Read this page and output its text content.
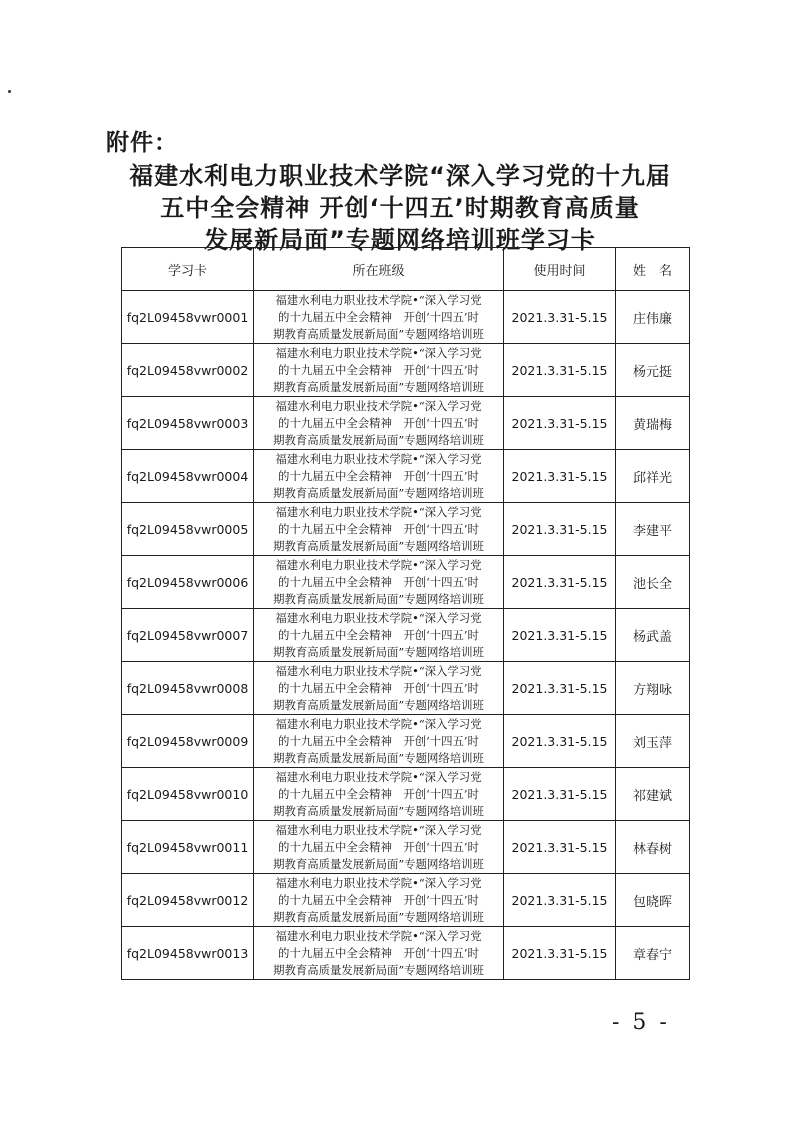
附件：
福建水利电力职业技术学院“深入学习党的十九届
五中全会精神 开创‘十四五’时期教育高质量
发展新局面”专题网络培训班学习卡
学习卡	所在班级	使用时间	姓　名
fq2L09458vwr0001	福建水利电力职业技术学院•“深入学习党
的十九届五中全会精神　开创‘十四五’时
期教育高质量发展新局面”专题网络培训班	2021.3.31-5.15	庄伟廉
fq2L09458vwr0002	福建水利电力职业技术学院•“深入学习党
的十九届五中全会精神　开创‘十四五’时
期教育高质量发展新局面”专题网络培训班	2021.3.31-5.15	杨元挺
fq2L09458vwr0003	福建水利电力职业技术学院•“深入学习党
的十九届五中全会精神　开创‘十四五’时
期教育高质量发展新局面”专题网络培训班	2021.3.31-5.15	黄瑞梅
fq2L09458vwr0004	福建水利电力职业技术学院•“深入学习党
的十九届五中全会精神　开创‘十四五’时
期教育高质量发展新局面”专题网络培训班	2021.3.31-5.15	邱祥光
fq2L09458vwr0005	福建水利电力职业技术学院•“深入学习党
的十九届五中全会精神　开创‘十四五’时
期教育高质量发展新局面”专题网络培训班	2021.3.31-5.15	李建平
fq2L09458vwr0006	福建水利电力职业技术学院•“深入学习党
的十九届五中全会精神　开创‘十四五’时
期教育高质量发展新局面”专题网络培训班	2021.3.31-5.15	池长全
fq2L09458vwr0007	福建水利电力职业技术学院•“深入学习党
的十九届五中全会精神　开创‘十四五’时
期教育高质量发展新局面”专题网络培训班	2021.3.31-5.15	杨武盖
fq2L09458vwr0008	福建水利电力职业技术学院•“深入学习党
的十九届五中全会精神　开创‘十四五’时
期教育高质量发展新局面”专题网络培训班	2021.3.31-5.15	方翔咏
fq2L09458vwr0009	福建水利电力职业技术学院•“深入学习党
的十九届五中全会精神　开创‘十四五’时
期教育高质量发展新局面”专题网络培训班	2021.3.31-5.15	刘玉萍
fq2L09458vwr0010	福建水利电力职业技术学院•“深入学习党
的十九届五中全会精神　开创‘十四五’时
期教育高质量发展新局面”专题网络培训班	2021.3.31-5.15	祁建斌
fq2L09458vwr0011	福建水利电力职业技术学院•“深入学习党
的十九届五中全会精神　开创‘十四五’时
期教育高质量发展新局面”专题网络培训班	2021.3.31-5.15	林春树
fq2L09458vwr0012	福建水利电力职业技术学院•“深入学习党
的十九届五中全会精神　开创‘十四五’时
期教育高质量发展新局面”专题网络培训班	2021.3.31-5.15	包晓晖
fq2L09458vwr0013	福建水利电力职业技术学院•“深入学习党
的十九届五中全会精神　开创‘十四五’时
期教育高质量发展新局面”专题网络培训班	2021.3.31-5.15	章春宁
- 5 -
